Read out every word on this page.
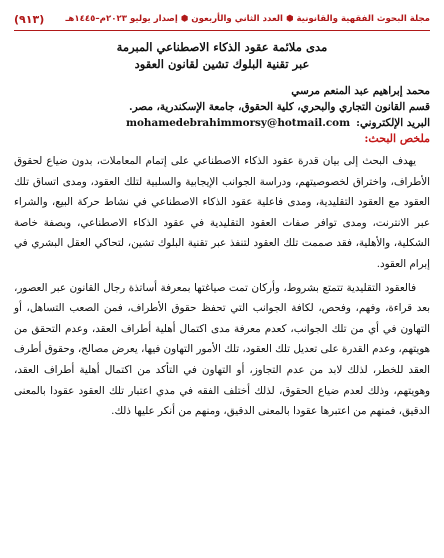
مجلة البحوث الفقهية والقانونية ⬢ العدد الثاني والأربعون ⬢ إصدار يوليو ٢٠٢٣م–١٤٤٥هـ
(٩١٣)

مدى ملائمة عقود الذكاء الاصطناعي المبرمة

عبر تقنية البلوك تشين لقانون العقود

محمد إبراهيم عبد المنعم مرسي

قسم القانون التجاري والبحري، كلية الحقوق، جامعة الإسكندرية، مصر.

البريد الإلكتروني:
mohamedebrahimmorsy@hotmail.com

ملخص البحث:

يهدف البحث إلى بيان قدرة عقود الذكاء الاصطناعي على إتمام المعاملات، بدون ضياع لحقوق الأطراف، واختراق لخصوصيتهم، ودراسة الجوانب الإيجابية والسلبية لتلك العقود، ومدى اتساق تلك العقود مع العقود التقليدية، ومدى فاعلية عقود الذكاء الاصطناعي في نشاط حركة البيع، والشراء عبر الانترنت، ومدى توافر صفات العقود التقليدية في عقود الذكاء الاصطناعي، وبصفة خاصة الشكلية، والأهلية، فقد صممت تلك العقود لتنفذ عبر تقنية البلوك تشين، لتحاكي العقل البشري في إبرام العقود.

فالعقود التقليدية تتمتع بشروط، وأركان تمت صياغتها بمعرفة أساتذة رجال القانون عبر العصور، بعد قراءة، وفهم، وفحص، لكافة الجوانب التي تحفظ حقوق الأطراف، فمن الصعب التساهل، أو التهاون في أي من تلك الجوانب، كعدم معرفة مدى اكتمال أهلية أطراف العقد، وعدم التحقق من هويتهم، وعدم القدرة على تعديل تلك العقود، تلك الأمور التهاون فيها، يعرض مصالح، وحقوق أطرف العقد للخطر، لذلك لابد من عدم التجاوز، أو التهاون في التأكد من اكتمال أهلية أطراف العقد، وهويتهم، وذلك لعدم ضياع الحقوق، لذلك أختلف الفقه في مدي اعتبار تلك العقود عقودا بالمعنى الدقيق، فمنهم من اعتبرها عقودا بالمعنى الدقيق، ومنهم من أنكر عليها ذلك.
